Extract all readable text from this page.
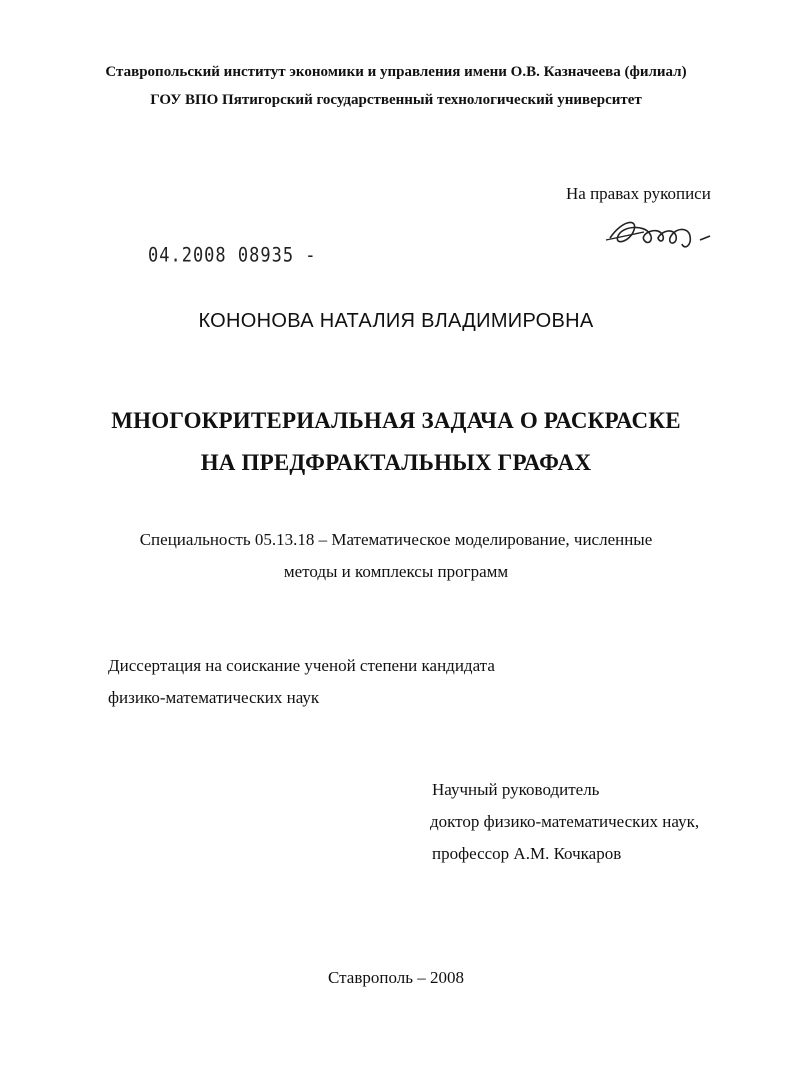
Ставропольский институт экономики и управления имени О.В. Казначеева (филиал)
ГОУ ВПО Пятигорский государственный технологический университет
На правах рукописи
04.2008 08935 -
КОНОНОВА НАТАЛИЯ ВЛАДИМИРОВНА
МНОГОКРИТЕРИАЛЬНАЯ ЗАДАЧА О РАСКРАСКЕ
НА ПРЕДФРАКТАЛЬНЫХ ГРАФАХ
Специальность 05.13.18 – Математическое моделирование, численные
методы и комплексы программ
Диссертация на соискание ученой степени кандидата
физико-математических наук
Научный руководитель
доктор физико-математических наук,
профессор А.М. Кочкаров
Ставрополь – 2008
